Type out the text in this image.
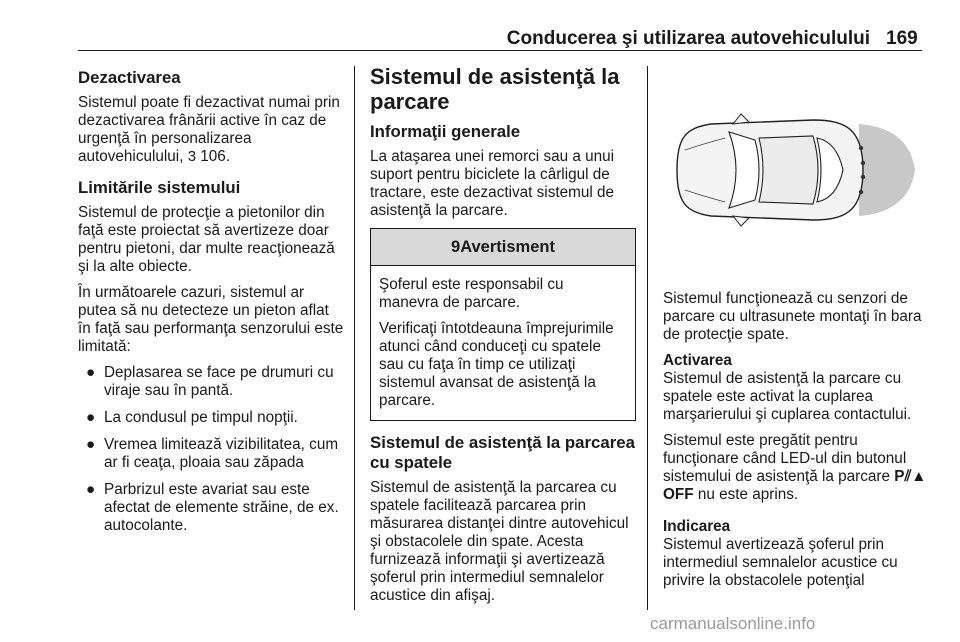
Conducerea şi utilizarea autovehiculului 169
Dezactivarea

Sistemul poate fi dezactivat numai prin dezactivarea frânării active în caz de urgenţă în personalizarea autovehiculului, 3 106.

Limitările sistemului

Sistemul de protecţie a pietonilor din faţă este proiectat să avertizeze doar pentru pietoni, dar multe reacţionează şi la alte obiecte.

În următoarele cazuri, sistemul ar putea să nu detecteze un pieton aflat în faţă sau performanţa senzorului este limitată:

● Deplasarea se face pe drumuri cu viraje sau în pantă.
● La condusul pe timpul nopţii.
● Vremea limitează vizibilitatea, cum ar fi ceaţa, ploaia sau zăpada
● Parbrizul este avariat sau este afectat de elemente străine, de ex. autocolante.
Sistemul de asistenţă la parcare
Informaţii generale

La ataşarea unei remorci sau a unui suport pentru biciclete la cârligul de tractare, este dezactivat sistemul de asistenţă la parcare.

9Avertisment

Şoferul este responsabil cu manevra de parcare.

Verificaţi întotdeauna împrejurimile atunci când conduceţi cu spatele sau cu faţa în timp ce utilizaţi sistemul avansat de asistenţă la parcare.

Sistemul de asistenţă la parcarea cu spatele

Sistemul de asistenţă la parcarea cu spatele facilitează parcarea prin măsurarea distanţei dintre autovehicul şi obstacolele din spate. Acesta furnizează informaţii şi avertizează şoferul prin intermediul semnalelor acustice din afişaj.

Sistemul funcţionează cu senzori de parcare cu ultrasunete montaţi în bara de protecţie spate.

Activarea
Sistemul de asistenţă la parcare cu spatele este activat la cuplarea marşarierului şi cuplarea contactului.

Sistemul este pregătit pentru funcţionare când LED-ul din butonul sistemului de asistenţă la parcare P⫽▲ OFF nu este aprins.

Indicarea
Sistemul avertizează şoferul prin intermediul semnalelor acustice cu privire la obstacolele potenţial

carmanualsonline.info
